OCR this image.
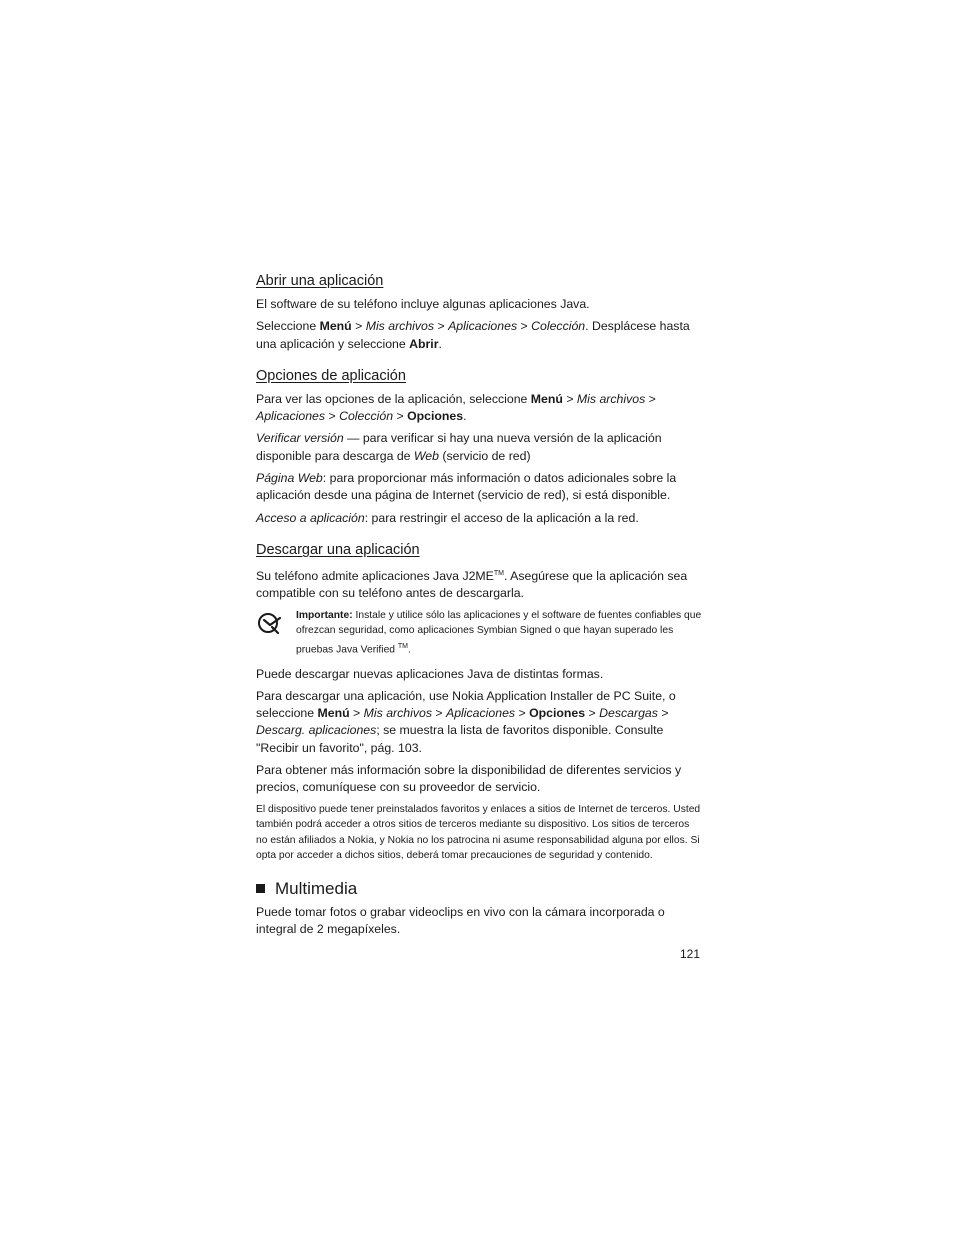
Abrir una aplicación

El software de su teléfono incluye algunas aplicaciones Java.

Seleccione Menú > Mis archivos > Aplicaciones > Colección. Desplácese hasta una aplicación y seleccione Abrir.

Opciones de aplicación

Para ver las opciones de la aplicación, seleccione Menú > Mis archivos > Aplicaciones > Colección > Opciones.

Verificar versión — para verificar si hay una nueva versión de la aplicación disponible para descarga de Web (servicio de red)

Página Web: para proporcionar más información o datos adicionales sobre la aplicación desde una página de Internet (servicio de red), si está disponible.

Acceso a aplicación: para restringir el acceso de la aplicación a la red.

Descargar una aplicación

Su teléfono admite aplicaciones Java J2ME™. Asegúrese que la aplicación sea compatible con su teléfono antes de descargarla.

Importante: Instale y utilice sólo las aplicaciones y el software de fuentes confiables que ofrezcan seguridad, como aplicaciones Symbian Signed o que hayan superado les pruebas Java Verified ™.

Puede descargar nuevas aplicaciones Java de distintas formas.

Para descargar una aplicación, use Nokia Application Installer de PC Suite, o seleccione Menú > Mis archivos > Aplicaciones > Opciones > Descargas > Descarg. aplicaciones; se muestra la lista de favoritos disponible. Consulte "Recibir un favorito", pág. 103.

Para obtener más información sobre la disponibilidad de diferentes servicios y precios, comuníquese con su proveedor de servicio.

El dispositivo puede tener preinstalados favoritos y enlaces a sitios de Internet de terceros. Usted también podrá acceder a otros sitios de terceros mediante su dispositivo. Los sitios de terceros no están afiliados a Nokia, y Nokia no los patrocina ni asume responsabilidad alguna por ellos. Si opta por acceder a dichos sitios, deberá tomar precauciones de seguridad y contenido.

Multimedia

Puede tomar fotos o grabar videoclips en vivo con la cámara incorporada o integral de 2 megapíxeles.

121
